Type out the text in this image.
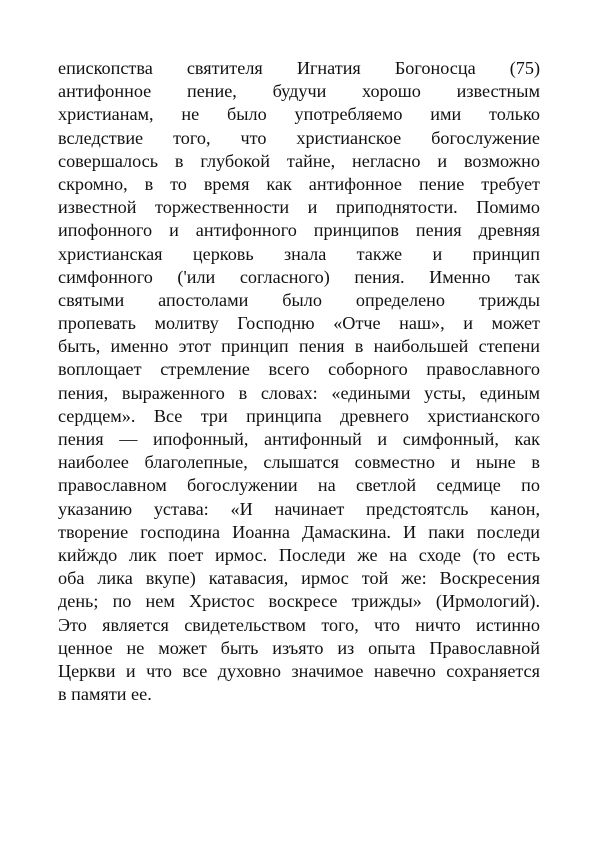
епископства святителя Игнатия Богоносца (75)
антифонное пение, будучи хорошо известным
христианам, не было употребляемо ими только
вследствие того, что христианское богослужение
совершалось в глубокой тайне, негласно и возможно
скромно, в то время как антифонное пение требует
известной торжественности и приподнятости. Помимо
ипофонного и антифонного принципов пения древняя
христианская церковь знала также и принцип
симфонного ('или согласного) пения. Именно так
святыми апостолами было определено трижды
пропевать молитву Господню «Отче наш», и может
быть, именно этот принцип пения в наибольшей степени
воплощает стремление всего соборного православного
пения, выраженного в словах: «едиными усты, единым
сердцем». Все три принципа древнего христианского
пения — ипофонный, антифонный и симфонный, как
наиболее благолепные, слышатся совместно и ныне в
православном богослужении на светлой седмице по
указанию устава: «И начинает предстоятсль канон,
творение господина Иоанна Дамаскина. И паки последи
кийждо лик поет ирмос. Последи же на сходе (то есть
оба лика вкупе) катавасия, ирмос той же: Воскресения
день; по нем Христос воскресе трижды» (Ирмологий).
Это является свидетельством того, что ничто истинно
ценное не может быть изъято из опыта Православной
Церкви и что все духовно значимое навечно сохраняется
в памяти ее.
